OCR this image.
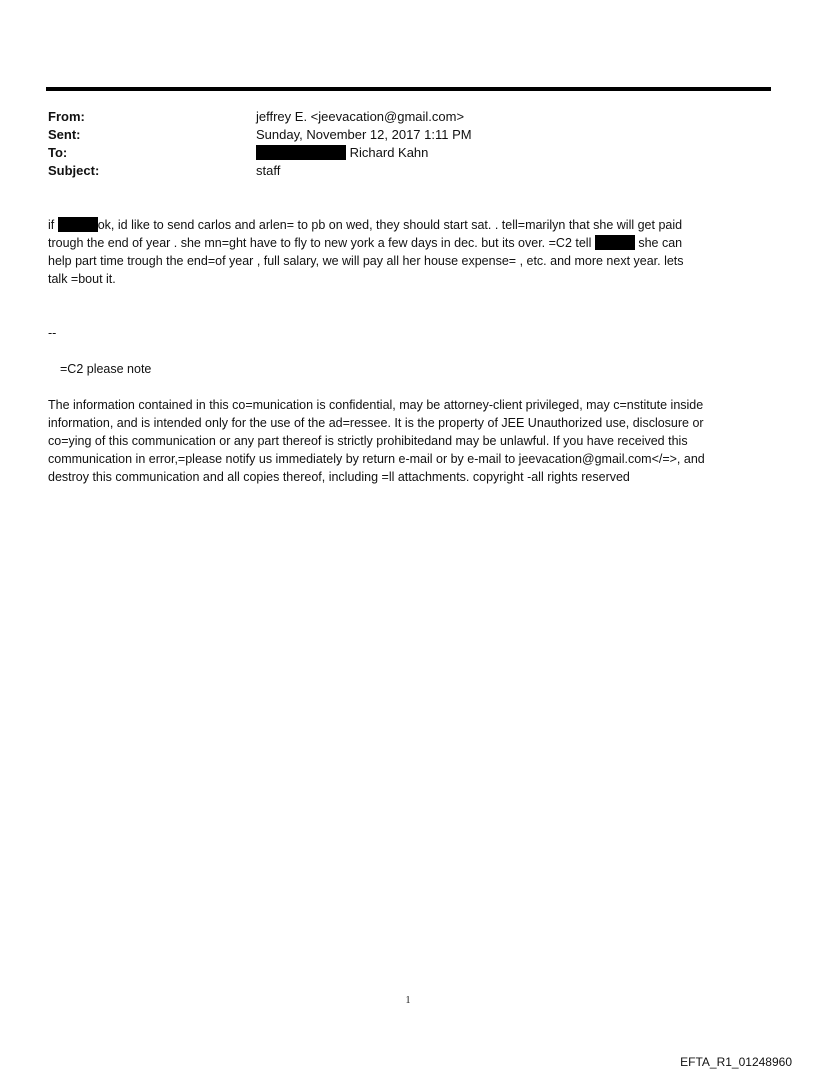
From:	jeffrey E. <jeevacation@gmail.com>
Sent:	Sunday, November 12, 2017 1:11 PM
To:	Richard Kahn
Subject:	staff
if	ok, id like to send carlos and arlen= to pb on wed, they should start sat. . tell=marilyn that she will get paid
trough the end of year . she mn=ght have to fly to new york a few days in dec. but its over. =C2 tell	she can
help part time trough the end=of year , full salary, we will pay all her house expense= , etc. and more next year. lets
talk =bout it.
--
=C2 please note
The information contained in this co=munication is confidential, may be attorney-client privileged, may c=nstitute inside
information, and is intended only for the use of the ad=ressee. It is the property of JEE Unauthorized use, disclosure or
co=ying of this communication or any part thereof is strictly prohibitedand may be unlawful. If you have received this
communication in error,=please notify us immediately by return e-mail or by e-mail to jeevacation@gmail.com</=>, and
destroy this communication and all copies thereof, including =ll attachments. copyright -all rights reserved
1
EFTA_R1_01248960
